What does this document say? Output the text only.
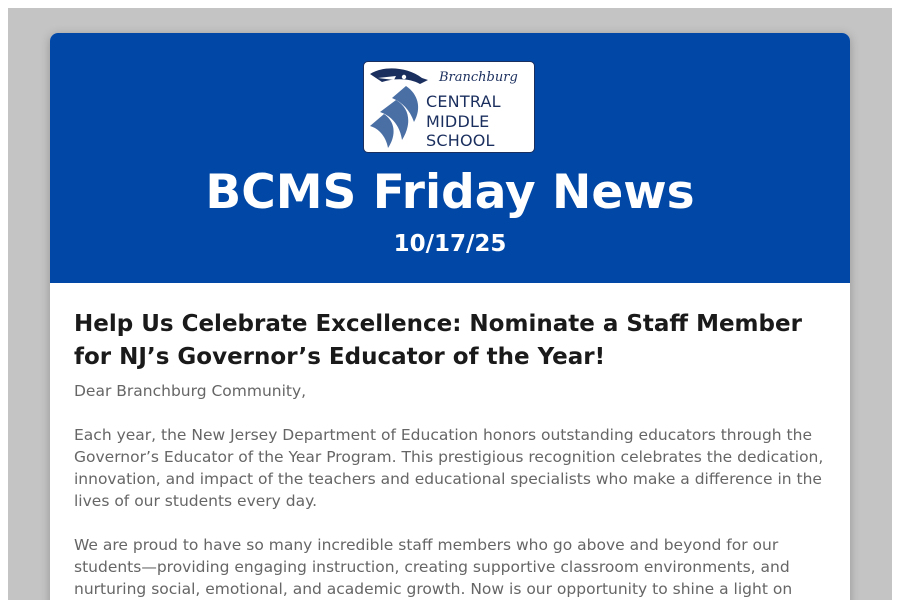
Branchburg
CENTRAL
MIDDLE
SCHOOL
BCMS Friday News
10/17/25
Help Us Celebrate Excellence: Nominate a Staff Member for NJ’s Governor’s Educator of the Year!

Dear Branchburg Community,

Each year, the New Jersey Department of Education honors outstanding educators through the Governor’s Educator of the Year Program. This prestigious recognition celebrates the dedication, innovation, and impact of the teachers and educational specialists who make a difference in the lives of our students every day.

We are proud to have so many incredible staff members who go above and beyond for our students—providing engaging instruction, creating supportive classroom environments, and nurturing social, emotional, and academic growth. Now is our opportunity to shine a light on
